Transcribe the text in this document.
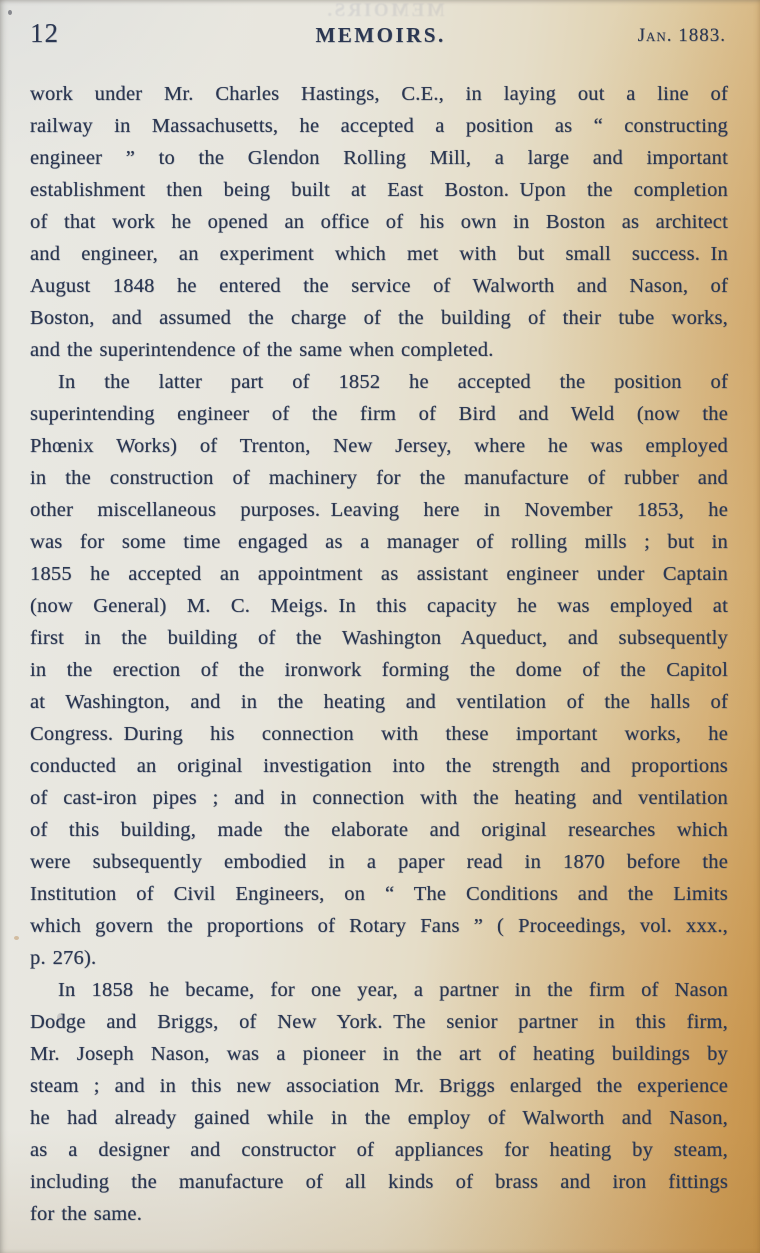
MEMOIRS.
12	MEMOIRS.	Jan. 1883.
work under Mr. Charles Hastings, C.E., in laying out a line of
railway in Massachusetts, he accepted a position as “ constructing
engineer ” to the Glendon Rolling Mill, a large and important
establishment then being built at East Boston. Upon the completion
of that work he opened an office of his own in Boston as architect
and engineer, an experiment which met with but small success. In
August 1848 he entered the service of Walworth and Nason, of
Boston, and assumed the charge of the building of their tube works,
and the superintendence of the same when completed.
In the latter part of 1852 he accepted the position of
superintending engineer of the firm of Bird and Weld (now the
Phœnix Works) of Trenton, New Jersey, where he was employed
in the construction of machinery for the manufacture of rubber and
other miscellaneous purposes. Leaving here in November 1853, he
was for some time engaged as a manager of rolling mills ; but in
1855 he accepted an appointment as assistant engineer under Captain
(now General) M. C. Meigs. In this capacity he was employed at
first in the building of the Washington Aqueduct, and subsequently
in the erection of the ironwork forming the dome of the Capitol
at Washington, and in the heating and ventilation of the halls of
Congress. During his connection with these important works, he
conducted an original investigation into the strength and proportions
of cast-iron pipes ; and in connection with the heating and ventilation
of this building, made the elaborate and original researches which
were subsequently embodied in a paper read in 1870 before the
Institution of Civil Engineers, on “ The Conditions and the Limits
which govern the proportions of Rotary Fans ” ( Proceedings, vol. xxx.,
p. 276).
In 1858 he became, for one year, a partner in the firm of Nason
Dodge and Briggs, of New York. The senior partner in this firm,
Mr. Joseph Nason, was a pioneer in the art of heating buildings by
steam ; and in this new association Mr. Briggs enlarged the experience
he had already gained while in the employ of Walworth and Nason,
as a designer and constructor of appliances for heating by steam,
including the manufacture of all kinds of brass and iron fittings
for the same.
